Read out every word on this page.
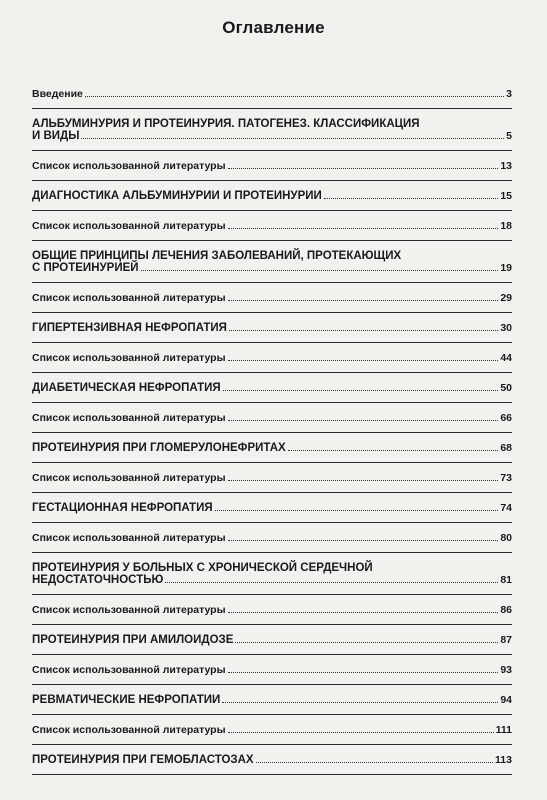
Оглавление
Введение	3
АЛЬБУМИНУРИЯ И ПРОТЕИНУРИЯ. ПАТОГЕНЕЗ. КЛАССИФИКАЦИЯ
И ВИДЫ	5
Список использованной литературы	13
ДИАГНОСТИКА АЛЬБУМИНУРИИ И ПРОТЕИНУРИИ	15
Список использованной литературы	18
ОБЩИЕ ПРИНЦИПЫ ЛЕЧЕНИЯ ЗАБОЛЕВАНИЙ, ПРОТЕКАЮЩИХ
С ПРОТЕИНУРИЕЙ	19
Список использованной литературы	29
ГИПЕРТЕНЗИВНАЯ НЕФРОПАТИЯ	30
Список использованной литературы	44
ДИАБЕТИЧЕСКАЯ НЕФРОПАТИЯ	50
Список использованной литературы	66
ПРОТЕИНУРИЯ ПРИ ГЛОМЕРУЛОНЕФРИТАХ	68
Список использованной литературы	73
ГЕСТАЦИОННАЯ НЕФРОПАТИЯ	74
Список использованной литературы	80
ПРОТЕИНУРИЯ У БОЛЬНЫХ С ХРОНИЧЕСКОЙ СЕРДЕЧНОЙ
НЕДОСТАТОЧНОСТЬЮ	81
Список использованной литературы	86
ПРОТЕИНУРИЯ ПРИ АМИЛОИДОЗЕ	87
Список использованной литературы	93
РЕВМАТИЧЕСКИЕ НЕФРОПАТИИ	94
Список использованной литературы	111
ПРОТЕИНУРИЯ ПРИ ГЕМОБЛАСТОЗАХ	113
